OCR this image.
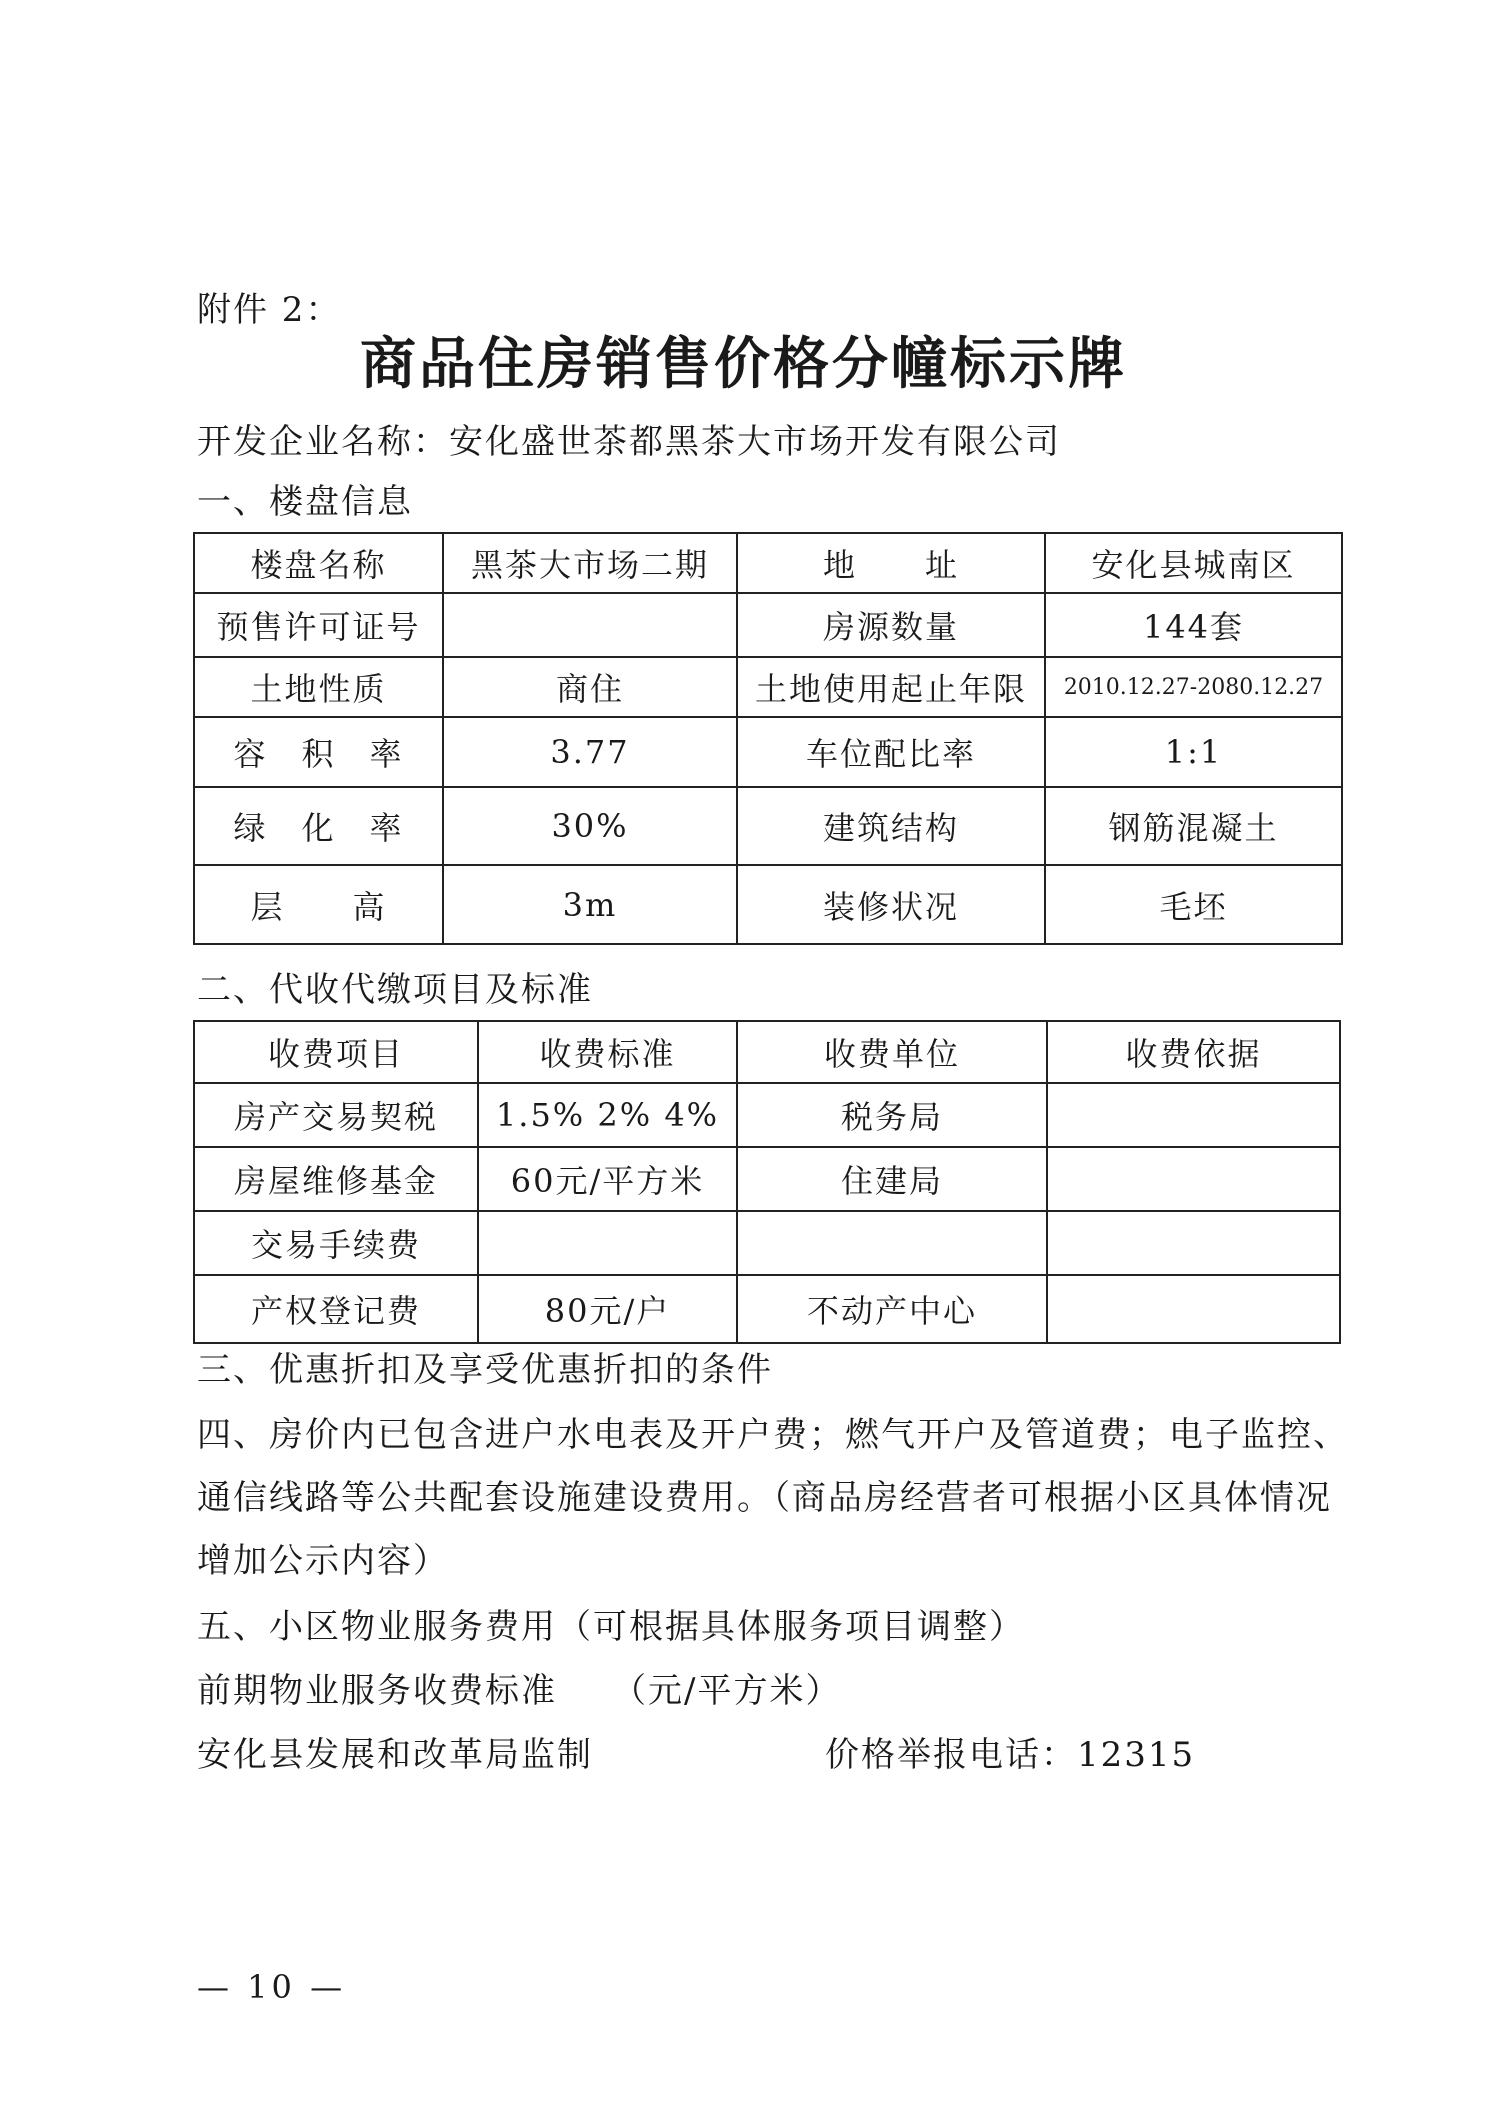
附件 2：
商品住房销售价格分幢标示牌
开发企业名称：安化盛世茶都黑茶大市场开发有限公司
一、楼盘信息
楼盘名称	黑茶大市场二期	地　　址	安化县城南区
预售许可证号		房源数量	144套
土地性质	商住	土地使用起止年限	2010.12.27-2080.12.27
容　积　率	3.77	车位配比率	1:1
绿　化　率	30%	建筑结构	钢筋混凝土
层　　高	3m	装修状况	毛坯
二、代收代缴项目及标准
收费项目	收费标准	收费单位	收费依据
房产交易契税	1.5% 2% 4%	税务局	
房屋维修基金	60元/平方米	住建局	
交易手续费			
产权登记费	80元/户	不动产中心	
三、优惠折扣及享受优惠折扣的条件
四、房价内已包含进户水电表及开户费；燃气开户及管道费；电子监控、
通信线路等公共配套设施建设费用。（商品房经营者可根据小区具体情况
增加公示内容）
五、小区物业服务费用（可根据具体服务项目调整）
前期物业服务收费标准　　（元/平方米）
安化县发展和改革局监制	价格举报电话：12315
— 10 —
